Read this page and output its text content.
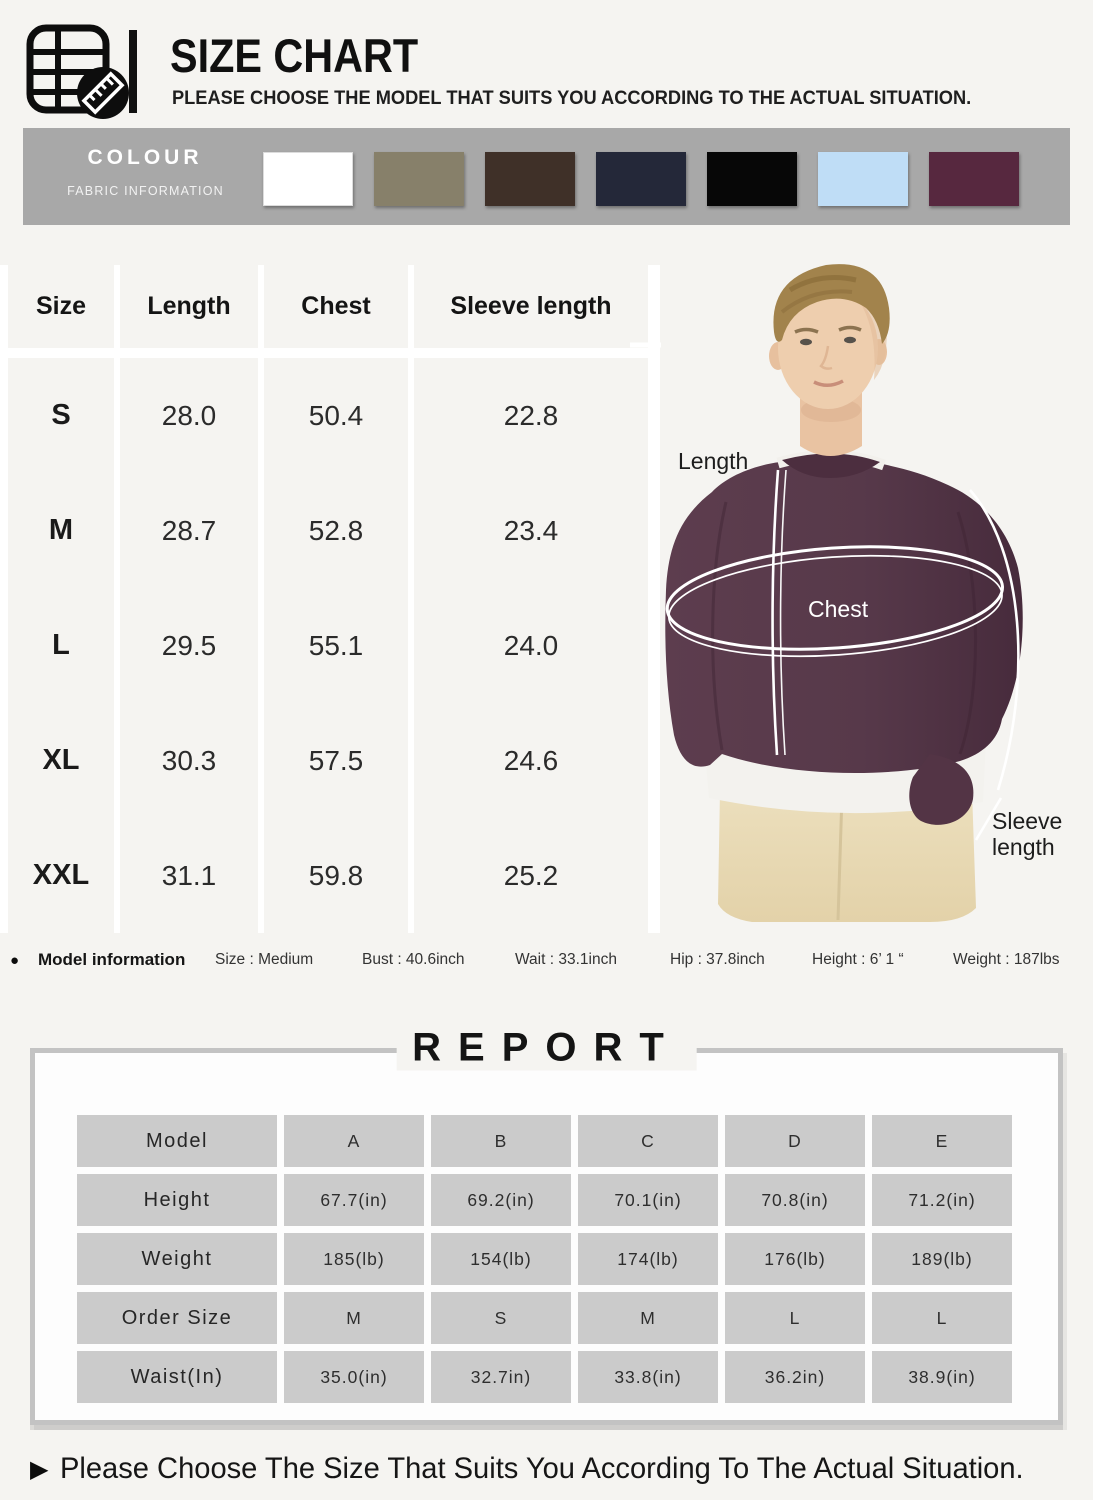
SIZE CHART
PLEASE CHOOSE THE MODEL THAT SUITS YOU ACCORDING TO THE ACTUAL SITUATION.
COLOUR
FABRIC INFORMATION
Size	Length	Chest	Sleeve length
S	28.0	50.4	22.8
M	28.7	52.8	23.4
L	29.5	55.1	24.0
XL	30.3	57.5	24.6
XXL	31.1	59.8	25.2
Length
Chest
Sleeve length
● Model information Size : Medium	Bust : 40.6inch	Wait : 33.1inch	Hip : 37.8inch	Height : 6’ 1 “	Weight : 187lbs
Model	A	B	C	D	E
Height	67.7(in)	69.2(in)	70.1(in)	70.8(in)	71.2(in)
Weight	185(lb)	154(lb)	174(lb)	176(lb)	189(lb)
Order Size	M	S	M	L	L
Waist(In)	35.0(in)	32.7in)	33.8(in)	36.2in)	38.9(in)
REPORT
▶ Please Choose The Size That Suits You According To The Actual Situation.
